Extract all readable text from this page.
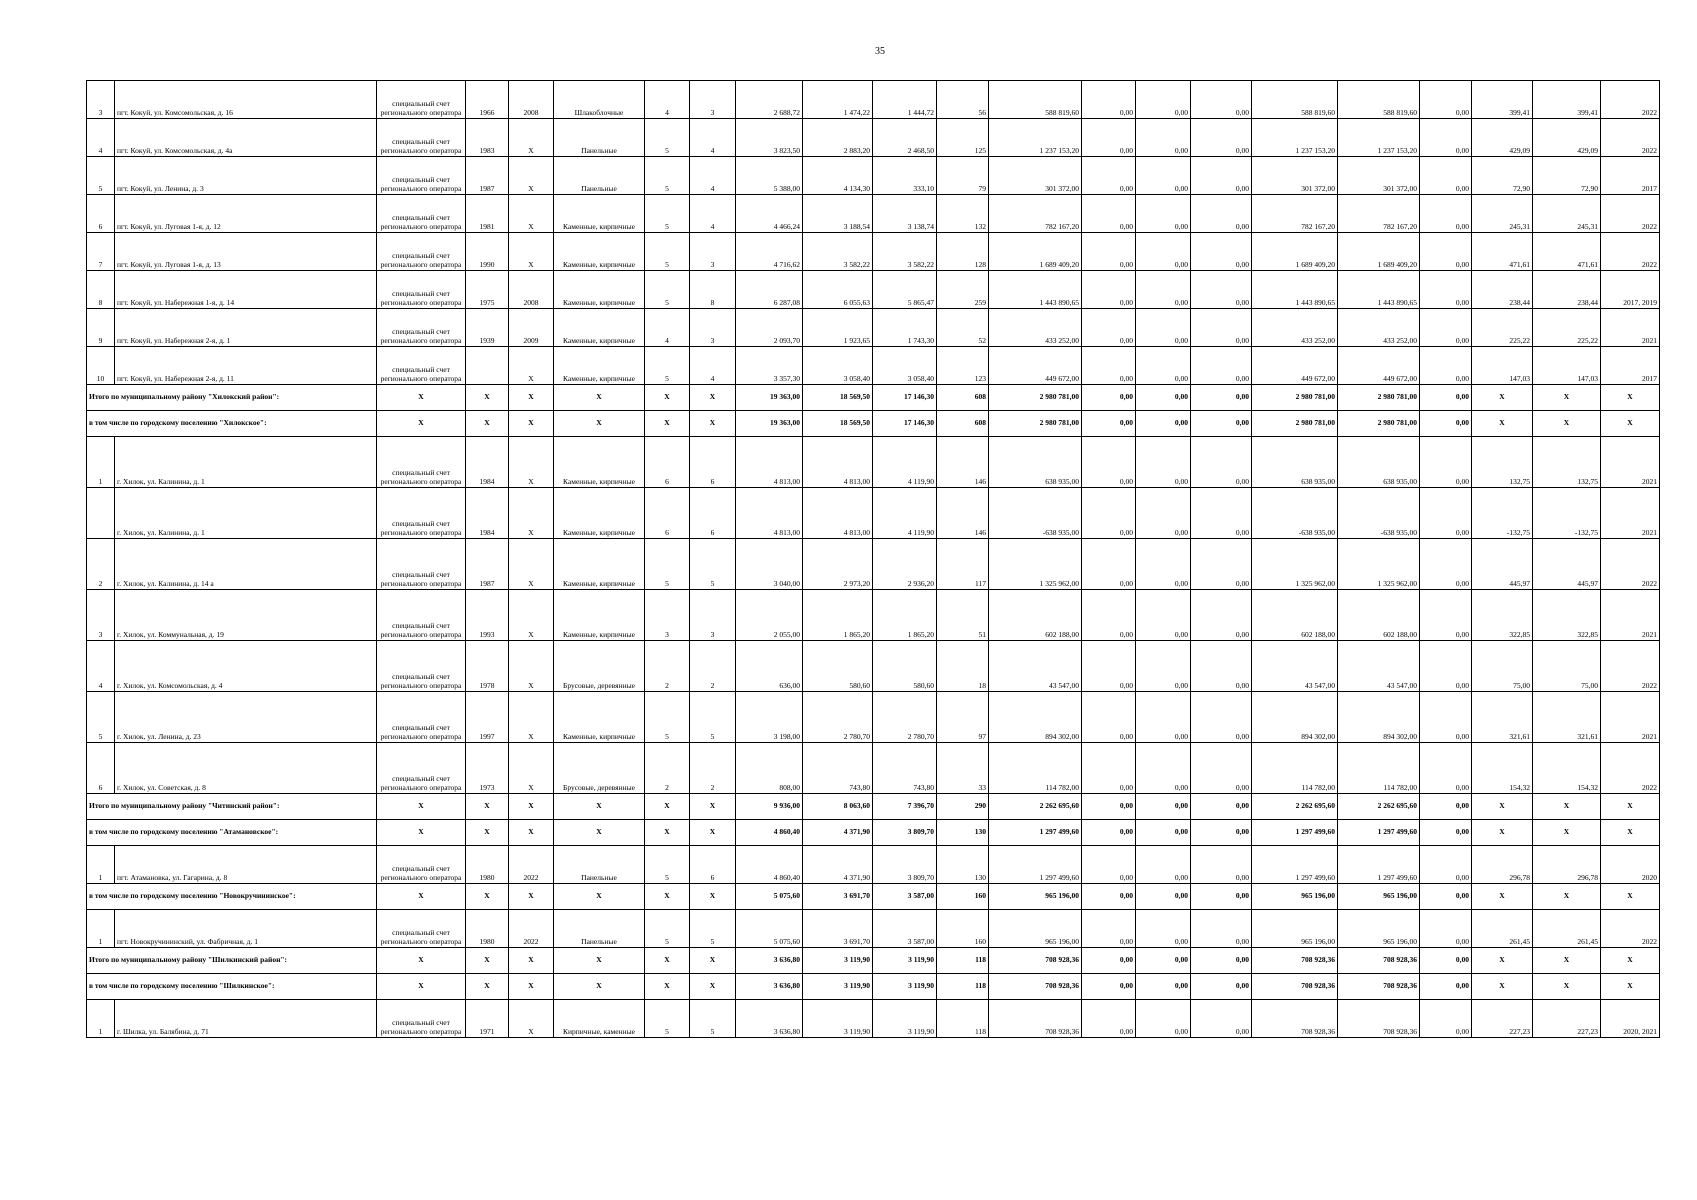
35
3	пгт. Кокуй, ул. Комсомольская, д. 16	специальный счет регионального оператора	1966	2008	Шлакоблочные	4	3	2 688,72	1 474,22	1 444,72	56	588 819,60	0,00	0,00	0,00	588 819,60	588 819,60	0,00	399,41	399,41	2022
4	пгт. Кокуй, ул. Комсомольская, д. 4а	специальный счет регионального оператора	1983	Х	Панельные	5	4	3 823,50	2 883,20	2 468,50	125	1 237 153,20	0,00	0,00	0,00	1 237 153,20	1 237 153,20	0,00	429,09	429,09	2022
5	пгт. Кокуй, ул. Ленина, д. 3	специальный счет регионального оператора	1987	Х	Панельные	5	4	5 388,00	4 134,30	333,10	79	301 372,00	0,00	0,00	0,00	301 372,00	301 372,00	0,00	72,90	72,90	2017
6	пгт. Кокуй, ул. Луговая 1-я, д. 12	специальный счет регионального оператора	1981	Х	Каменные, кирпичные	5	4	4 466,24	3 188,54	3 138,74	132	782 167,20	0,00	0,00	0,00	782 167,20	782 167,20	0,00	245,31	245,31	2022
7	пгт. Кокуй, ул. Луговая 1-я, д. 13	специальный счет регионального оператора	1990	Х	Каменные, кирпичные	5	3	4 716,62	3 582,22	3 582,22	128	1 689 409,20	0,00	0,00	0,00	1 689 409,20	1 689 409,20	0,00	471,61	471,61	2022
8	пгт. Кокуй, ул. Набережная 1-я, д. 14	специальный счет регионального оператора	1975	2008	Каменные, кирпичные	5	8	6 287,08	6 055,63	5 865,47	259	1 443 890,65	0,00	0,00	0,00	1 443 890,65	1 443 890,65	0,00	238,44	238,44	2017, 2019
9	пгт. Кокуй, ул. Набережная 2-я, д. 1	специальный счет регионального оператора	1939	2009	Каменные, кирпичные	4	3	2 093,70	1 923,65	1 743,30	52	433 252,00	0,00	0,00	0,00	433 252,00	433 252,00	0,00	225,22	225,22	2021
10	пгт. Кокуй, ул. Набережная 2-я, д. 11	специальный счет регионального оператора		Х	Каменные, кирпичные	5	4	3 357,30	3 058,40	3 058,40	123	449 672,00	0,00	0,00	0,00	449 672,00	449 672,00	0,00	147,03	147,03	2017
Итого по муниципальному району "Хилокский район":		Х	Х	Х	Х	Х	Х	19 363,00	18 569,50	17 146,30	608	2 980 781,00	0,00	0,00	0,00	2 980 781,00	2 980 781,00	0,00	Х	Х	Х
в том числе по городскому поселению "Хилокское":		Х	Х	Х	Х	Х	Х	19 363,00	18 569,50	17 146,30	608	2 980 781,00	0,00	0,00	0,00	2 980 781,00	2 980 781,00	0,00	Х	Х	Х
1	г. Хилок, ул. Калинина, д. 1	специальный счет регионального оператора	1984	Х	Каменные, кирпичные	6	6	4 813,00	4 813,00	4 119,90	146	638 935,00	0,00	0,00	0,00	638 935,00	638 935,00	0,00	132,75	132,75	2021
	г. Хилок, ул. Калинина, д. 1	специальный счет регионального оператора	1984	Х	Каменные, кирпичные	6	6	4 813,00	4 813,00	4 119,90	146	-638 935,00	0,00	0,00	0,00	-638 935,00	-638 935,00	0,00	-132,75	-132,75	2021
2	г. Хилок, ул. Калинина, д. 14 а	специальный счет регионального оператора	1987	Х	Каменные, кирпичные	5	5	3 040,00	2 973,20	2 936,20	117	1 325 962,00	0,00	0,00	0,00	1 325 962,00	1 325 962,00	0,00	445,97	445,97	2022
3	г. Хилок, ул. Коммунальная, д. 19	специальный счет регионального оператора	1993	Х	Каменные, кирпичные	3	3	2 055,00	1 865,20	1 865,20	51	602 188,00	0,00	0,00	0,00	602 188,00	602 188,00	0,00	322,85	322,85	2021
4	г. Хилок, ул. Комсомольская, д. 4	специальный счет регионального оператора	1978	Х	Брусовые, деревянные	2	2	636,00	580,60	580,60	18	43 547,00	0,00	0,00	0,00	43 547,00	43 547,00	0,00	75,00	75,00	2022
5	г. Хилок, ул. Ленина, д. 23	специальный счет регионального оператора	1997	Х	Каменные, кирпичные	5	5	3 198,00	2 780,70	2 780,70	97	894 302,00	0,00	0,00	0,00	894 302,00	894 302,00	0,00	321,61	321,61	2021
6	г. Хилок, ул. Советская, д. 8	специальный счет регионального оператора	1973	Х	Брусовые, деревянные	2	2	808,00	743,80	743,80	33	114 782,00	0,00	0,00	0,00	114 782,00	114 782,00	0,00	154,32	154,32	2022
Итого по муниципальному району "Читинский район":		Х	Х	Х	Х	Х	Х	9 936,00	8 063,60	7 396,70	290	2 262 695,60	0,00	0,00	0,00	2 262 695,60	2 262 695,60	0,00	Х	Х	Х
в том числе по городскому поселению "Атамановское":		Х	Х	Х	Х	Х	Х	4 860,40	4 371,90	3 809,70	130	1 297 499,60	0,00	0,00	0,00	1 297 499,60	1 297 499,60	0,00	Х	Х	Х
1	пгт. Атамановка, ул. Гагарина, д. 8	специальный счет регионального оператора	1980	2022	Панельные	5	6	4 860,40	4 371,90	3 809,70	130	1 297 499,60	0,00	0,00	0,00	1 297 499,60	1 297 499,60	0,00	296,78	296,78	2020
в том числе по городскому поселению "Новокручининское":		Х	Х	Х	Х	Х	Х	5 075,60	3 691,70	3 587,00	160	965 196,00	0,00	0,00	0,00	965 196,00	965 196,00	0,00	Х	Х	Х
1	пгт. Новокручининский, ул. Фабричная, д. 1	специальный счет регионального оператора	1980	2022	Панельные	5	5	5 075,60	3 691,70	3 587,00	160	965 196,00	0,00	0,00	0,00	965 196,00	965 196,00	0,00	261,45	261,45	2022
Итого по муниципальному району "Шилкинский район":		Х	Х	Х	Х	Х	Х	3 636,80	3 119,90	3 119,90	118	708 928,36	0,00	0,00	0,00	708 928,36	708 928,36	0,00	Х	Х	Х
в том числе по городскому поселению "Шилкинское":		Х	Х	Х	Х	Х	Х	3 636,80	3 119,90	3 119,90	118	708 928,36	0,00	0,00	0,00	708 928,36	708 928,36	0,00	Х	Х	Х
1	г. Шилка, ул. Балябина, д. 71	специальный счет регионального оператора	1971	Х	Кирпичные, каменные	5	5	3 636,80	3 119,90	3 119,90	118	708 928,36	0,00	0,00	0,00	708 928,36	708 928,36	0,00	227,23	227,23	2020, 2021
